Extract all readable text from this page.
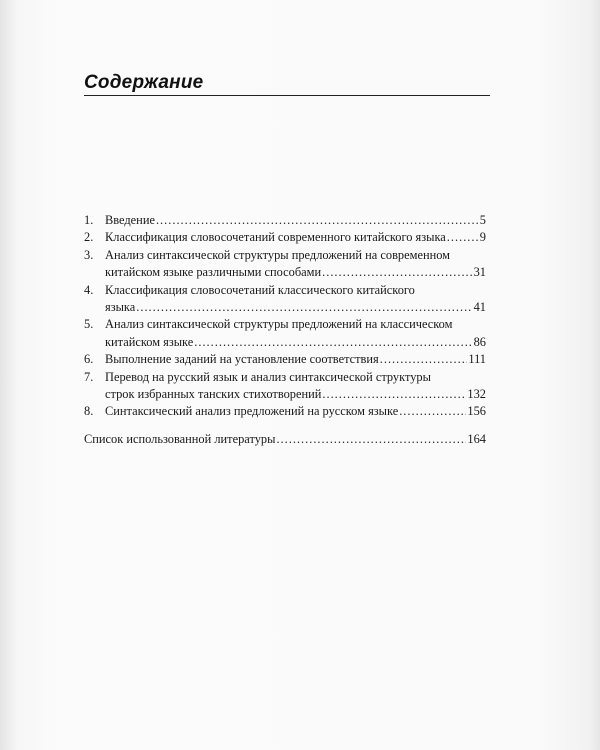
Содержание
1. Введение .....	5
2. Классификация словосочетаний современного китайского языка .....	9
3. Анализ синтаксической структуры предложений на современном
китайском языке различными способами .....	31
4. Классификация словосочетаний классического китайского
языка .....	41
5. Анализ синтаксической структуры предложений на классическом
китайском языке .....	86
6. Выполнение заданий на установление соответствия .....	111
7. Перевод на русский язык и анализ синтаксической структуры
строк избранных танских стихотворений .....	132
8. Синтаксический анализ предложений на русском языке .....	156
Список использованной литературы .....	164
